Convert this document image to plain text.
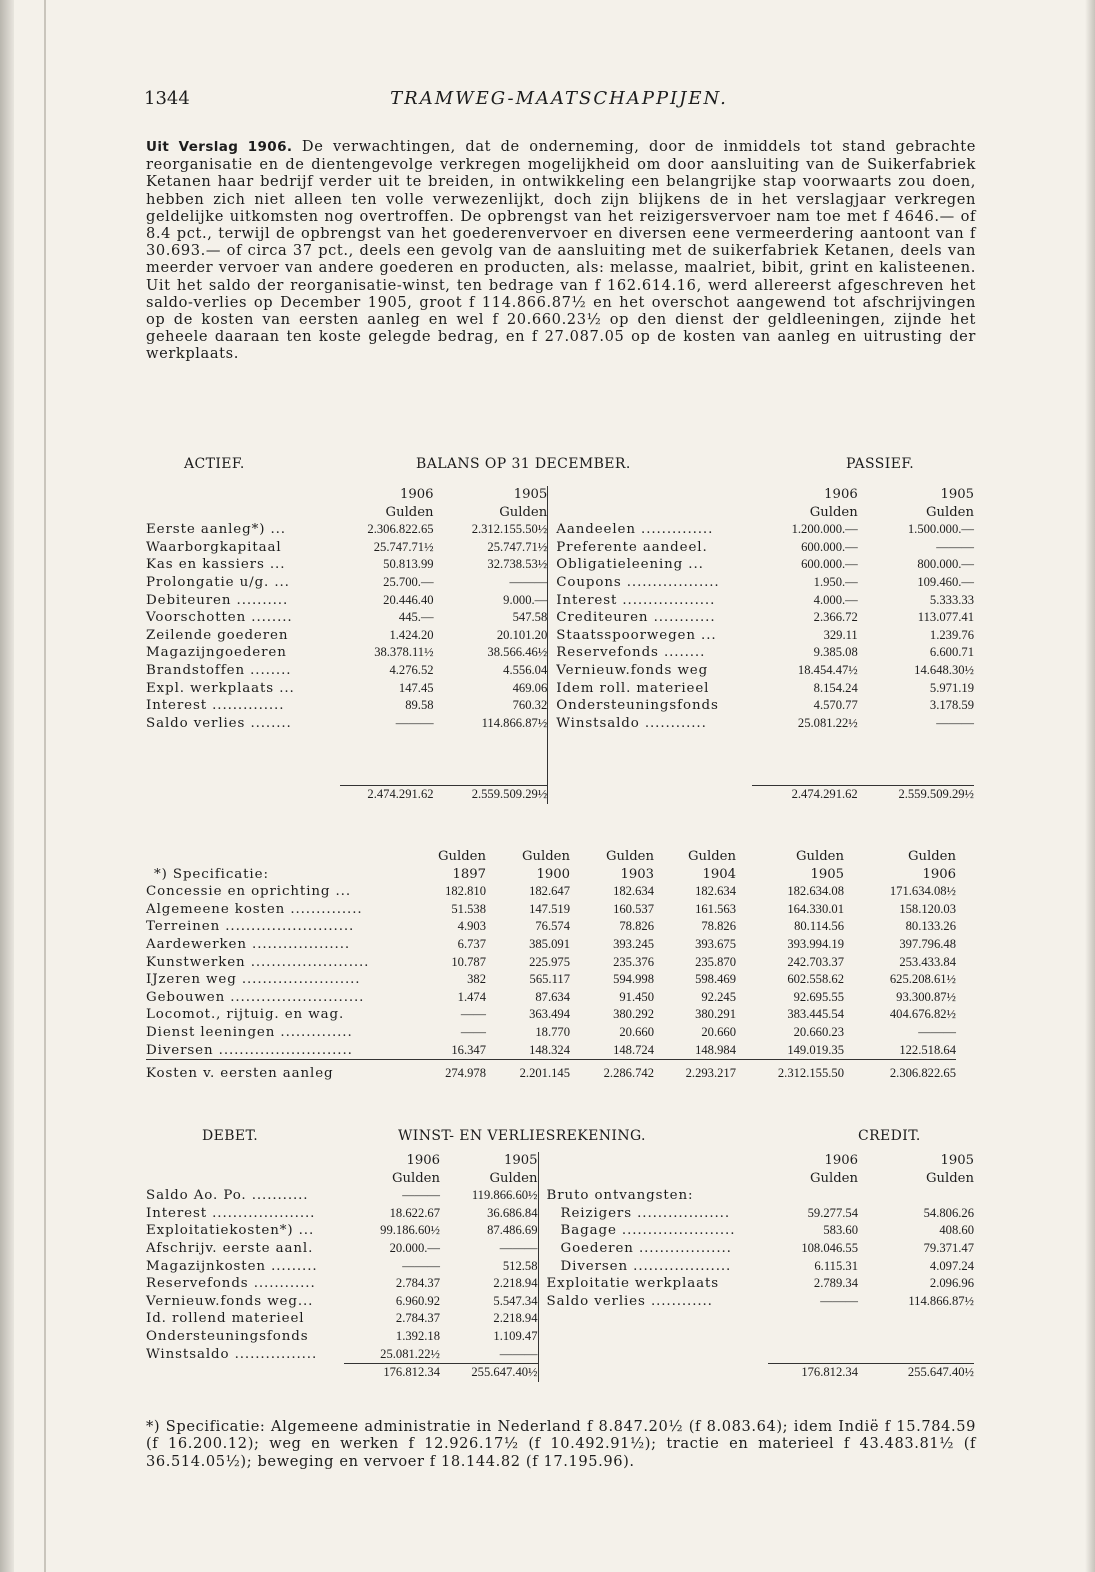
1344	TRAMWEG-MAATSCHAPPIJEN.
Uit Verslag 1906. De verwachtingen, dat de onderneming, door de inmiddels tot stand gebrachte reorganisatie en de dientengevolge verkregen mogelijkheid om door aansluiting van de Suikerfabriek Ketanen haar bedrijf verder uit te breiden, in ontwikkeling een belangrijke stap voorwaarts zou doen, hebben zich niet alleen ten volle verwezenlijkt, doch zijn blijkens de in het verslagjaar verkregen geldelijke uitkomsten nog overtroffen. De opbrengst van het reizigersvervoer nam toe met f 4646.— of 8.4 pct., terwijl de opbrengst van het goederenvervoer en diversen eene vermeerdering aantoont van f 30.693.— of circa 37 pct., deels een gevolg van de aansluiting met de suikerfabriek Ketanen, deels van meerder vervoer van andere goederen en producten, als: melasse, maalriet, bibit, grint en kalisteenen. Uit het saldo der reorganisatie-winst, ten bedrage van f 162.614.16, werd allereerst afgeschreven het saldo-verlies op December 1905, groot f 114.866.87½ en het overschot aangewend tot afschrijvingen op de kosten van eersten aanleg en wel f 20.660.23½ op den dienst der geldleeningen, zijnde het geheele daaraan ten koste gelegde bedrag, en f 27.087.05 op de kosten van aanleg en uitrusting der werkplaats.
ACTIEF.	BALANS OP 31 DECEMBER.	PASSIEF.
	1906	1905		1906	1905
	Gulden	Gulden		Gulden	Gulden
Eerste aanleg*) ...	2.306.822.65	2.312.155.50½	Aandeelen ..............	1.200.000.—	1.500.000.—
Waarborgkapitaal	25.747.71½	25.747.71½	Preferente aandeel.	600.000.—	———
Kas en kassiers ...	50.813.99	32.738.53½	Obligatieleening ...	600.000.—	800.000.—
Prolongatie u/g. ...	25.700.—	———	Coupons ..................	1.950.—	109.460.—
Debiteuren ..........	20.446.40	9.000.—	Interest ..................	4.000.—	5.333.33
Voorschotten ........	445.—	547.58	Crediteuren ............	2.366.72	113.077.41
Zeilende goederen	1.424.20	20.101.20	Staatsspoorwegen ...	329.11	1.239.76
Magazijngoederen	38.378.11½	38.566.46½	Reservefonds ........	9.385.08	6.600.71
Brandstoffen ........	4.276.52	4.556.04	Vernieuw.fonds weg	18.454.47½	14.648.30½
Expl. werkplaats ...	147.45	469.06	Idem roll. materieel	8.154.24	5.971.19
Interest ..............	89.58	760.32	Ondersteuningsfonds	4.570.77	3.178.59
Saldo verlies ........	———	114.866.87½	Winstsaldo ............	25.081.22½	———

	2.474.291.62	2.559.509.29½		2.474.291.62	2.559.509.29½
	Gulden	Gulden	Gulden	Gulden	Gulden	Gulden
*) Specificatie:	1897	1900	1903	1904	1905	1906
Concessie en oprichting ...	182.810	182.647	182.634	182.634	182.634.08	171.634.08½
Algemeene kosten ..............	51.538	147.519	160.537	161.563	164.330.01	158.120.03
Terreinen .........................	4.903	76.574	78.826	78.826	80.114.56	80.133.26
Aardewerken ...................	6.737	385.091	393.245	393.675	393.994.19	397.796.48
Kunstwerken .......................	10.787	225.975	235.376	235.870	242.703.37	253.433.84
IJzeren weg .......................	382	565.117	594.998	598.469	602.558.62	625.208.61½
Gebouwen ..........................	1.474	87.634	91.450	92.245	92.695.55	93.300.87½
Locomot., rijtuig. en wag.	——	363.494	380.292	380.291	383.445.54	404.676.82½
Dienst leeningen ..............	——	18.770	20.660	20.660	20.660.23	———
Diversen ..........................	16.347	148.324	148.724	148.984	149.019.35	122.518.64
Kosten v. eersten aanleg	274.978	2.201.145	2.286.742	2.293.217	2.312.155.50	2.306.822.65
DEBET.	WINST- EN VERLIESREKENING.	CREDIT.
	1906	1905		1906	1905
	Gulden	Gulden		Gulden	Gulden
Saldo Ao. Po. ...........	———	119.866.60½	Bruto ontvangsten:		
Interest ....................	18.622.67	36.686.84	Reizigers ..................	59.277.54	54.806.26
Exploitatiekosten*) ...	99.186.60½	87.486.69	Bagage ......................	583.60	408.60
Afschrijv. eerste aanl.	20.000.—	———	Goederen ..................	108.046.55	79.371.47
Magazijnkosten .........	———	512.58	Diversen ...................	6.115.31	4.097.24
Reservefonds ............	2.784.37	2.218.94	Exploitatie werkplaats	2.789.34	2.096.96
Vernieuw.fonds weg...	6.960.92	5.547.34	Saldo verlies ............	———	114.866.87½
Id. rollend materieel	2.784.37	2.218.94			
Ondersteuningsfonds	1.392.18	1.109.47			
Winstsaldo ................	25.081.22½	———			
	176.812.34	255.647.40½		176.812.34	255.647.40½
*) Specificatie: Algemeene administratie in Nederland f 8.847.20½ (f 8.083.64); idem Indië f 15.784.59 (f 16.200.12); weg en werken f 12.926.17½ (f 10.492.91½); tractie en materieel f 43.483.81½ (f 36.514.05½); beweging en vervoer f 18.144.82 (f 17.195.96).
